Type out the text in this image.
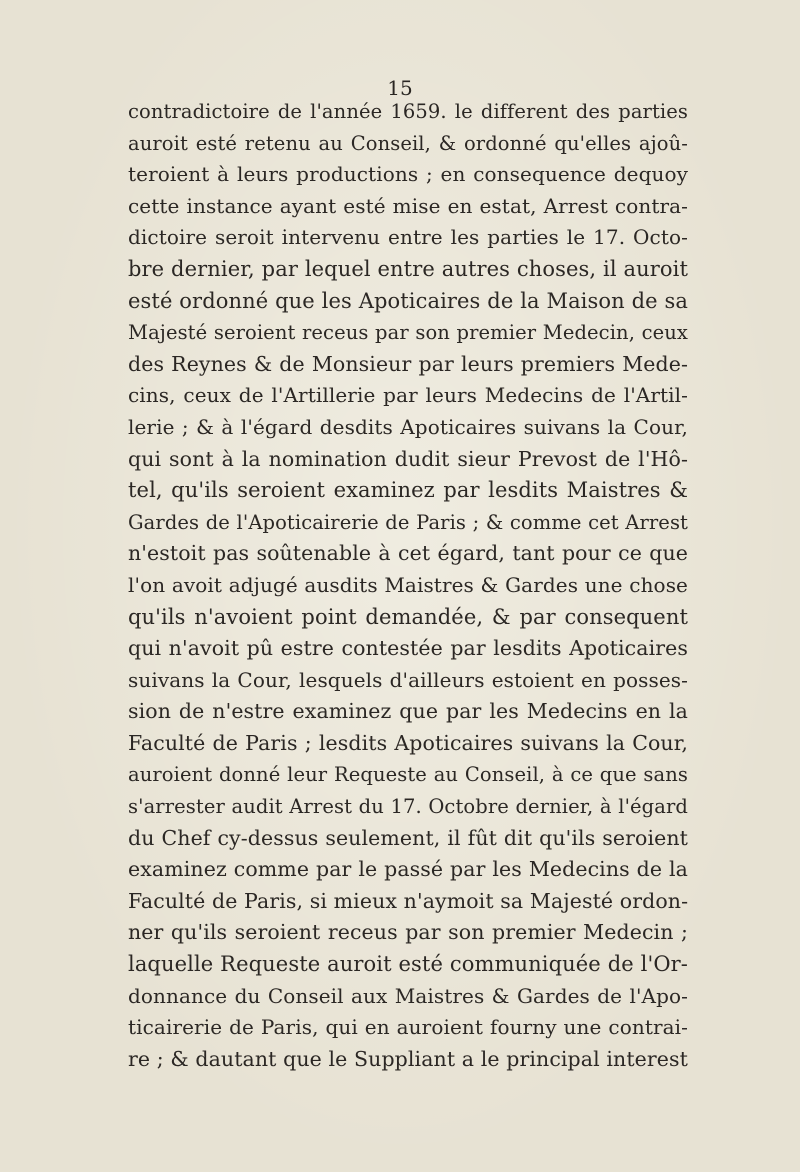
15
contradictoire de l'année 1659. le different des parties
auroit esté retenu au Conseil, & ordonné qu'elles ajoû-
teroient à leurs productions ; en consequence dequoy
cette instance ayant esté mise en estat, Arrest contra-
dictoire seroit intervenu entre les parties le 17. Octo-
bre dernier, par lequel entre autres choses, il auroit
esté ordonné que les Apoticaires de la Maison de sa
Majesté seroient receus par son premier Medecin, ceux
des Reynes & de Monsieur par leurs premiers Mede-
cins, ceux de l'Artillerie par leurs Medecins de l'Artil-
lerie ; & à l'égard desdits Apoticaires suivans la Cour,
qui sont à la nomination dudit sieur Prevost de l'Hô-
tel, qu'ils seroient examinez par lesdits Maistres &
Gardes de l'Apoticairerie de Paris ; & comme cet Arrest
n'estoit pas soûtenable à cet égard, tant pour ce que
l'on avoit adjugé ausdits Maistres & Gardes une chose
qu'ils n'avoient point demandée, & par consequent
qui n'avoit pû estre contestée par lesdits Apoticaires
suivans la Cour, lesquels d'ailleurs estoient en posses-
sion de n'estre examinez que par les Medecins en la
Faculté de Paris ; lesdits Apoticaires suivans la Cour,
auroient donné leur Requeste au Conseil, à ce que sans
s'arrester audit Arrest du 17. Octobre dernier, à l'égard
du Chef cy-dessus seulement, il fût dit qu'ils seroient
examinez comme par le passé par les Medecins de la
Faculté de Paris, si mieux n'aymoit sa Majesté ordon-
ner qu'ils seroient receus par son premier Medecin ;
laquelle Requeste auroit esté communiquée de l'Or-
donnance du Conseil aux Maistres & Gardes de l'Apo-
ticairerie de Paris, qui en auroient fourny une contrai-
re ; & dautant que le Suppliant a le principal interest
